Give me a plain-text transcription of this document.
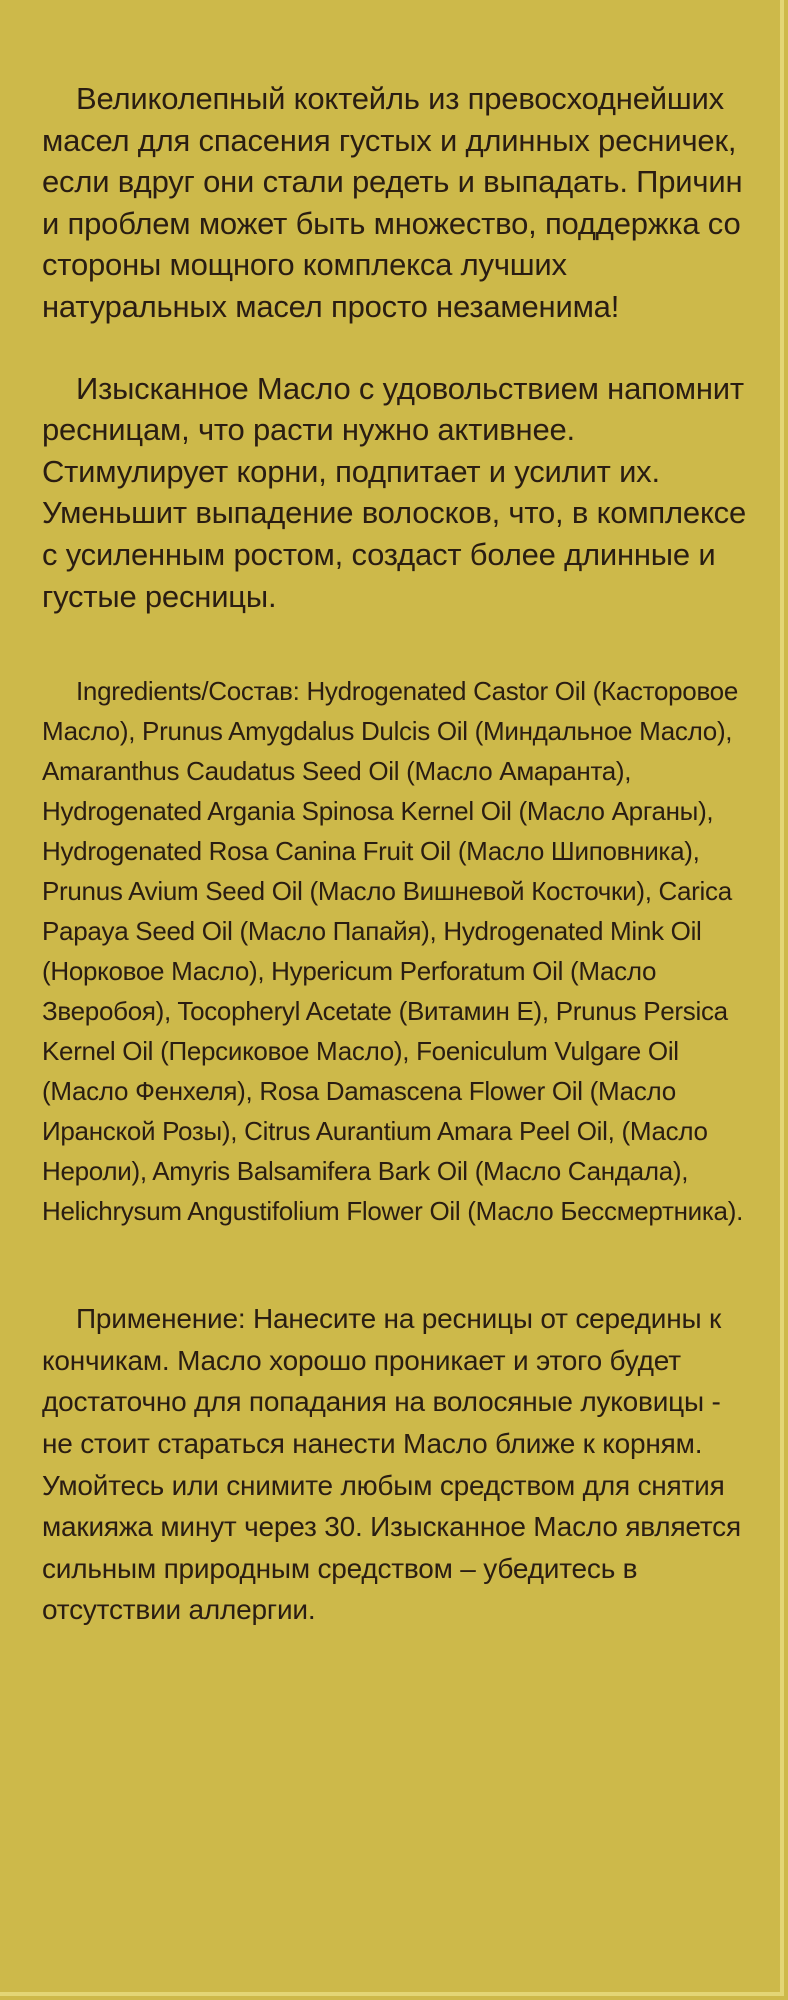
Великолепный коктейль из превосходнейших масел для спасения густых и длинных ресничек, если вдруг они стали редеть и выпадать. Причин и проблем может быть множество, поддержка со стороны мощного комплекса лучших натуральных масел просто незаменима!

Изысканное Масло с удовольствием напомнит ресницам, что расти нужно активнее. Стимулирует корни, подпитает и усилит их. Уменьшит выпадение волосков, что, в комплексе с усиленным ростом, создаст более длинные и густые ресницы.

Ingredients/Состав: Hydrogenated Castor Oil (Касторовое Масло), Prunus Amygdalus Dulcis Oil (Миндальное Масло), Amaranthus Caudatus Seed Oil (Масло Амаранта), Hydrogenated Argania Spinosa Kernel Oil (Масло Арганы), Hydrogenated Rosa Canina Fruit Oil (Масло Шиповника), Prunus Avium Seed Oil (Масло Вишневой Косточки), Carica Papaya Seed Oil (Масло Папайя), Hydrogenated Mink Oil (Норковое Масло), Hypericum Perforatum Oil (Масло Зверобоя), Tocopheryl Acetate (Витамин Е), Prunus Persica Kernel Oil (Персиковое Масло), Foeniculum Vulgare Oil (Масло Фенхеля), Rosa Damascena Flower Oil (Масло Иранской Розы), Citrus Aurantium Amara Peel Oil, (Масло Нероли), Amyris Balsamifera Bark Oil (Масло Сандала), Helichrysum Angustifolium Flower Oil (Масло Бессмертника).

Применение: Нанесите на ресницы от середины к кончикам. Масло хорошо проникает и этого будет достаточно для попадания на волосяные луковицы - не стоит стараться нанести Масло ближе к корням. Умойтесь или снимите любым средством для снятия макияжа минут через 30. Изысканное Масло является сильным природным средством – убедитесь в отсутствии аллергии.
